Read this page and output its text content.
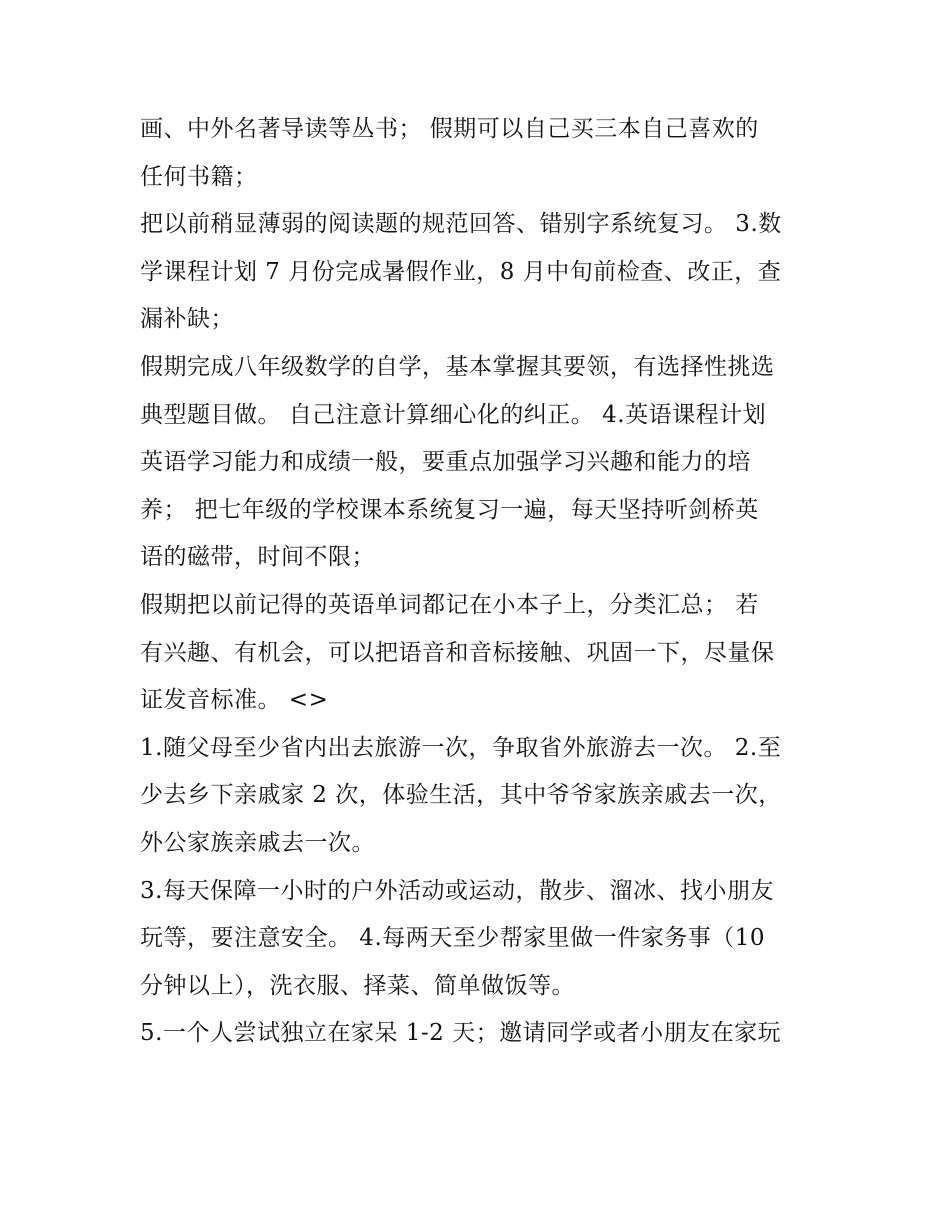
画、中外名著导读等丛书； 假期可以自己买三本自己喜欢的
任何书籍；
把以前稍显薄弱的阅读题的规范回答、错别字系统复习。 3.数
学课程计划 7 月份完成暑假作业，8 月中旬前检查、改正，查
漏补缺；
假期完成八年级数学的自学，基本掌握其要领，有选择性挑选
典型题目做。 自己注意计算细心化的纠正。 4.英语课程计划
英语学习能力和成绩一般，要重点加强学习兴趣和能力的培
养； 把七年级的学校课本系统复习一遍，每天坚持听剑桥英
语的磁带，时间不限；
假期把以前记得的英语单词都记在小本子上，分类汇总； 若
有兴趣、有机会，可以把语音和音标接触、巩固一下，尽量保
证发音标准。 <>
1.随父母至少省内出去旅游一次，争取省外旅游去一次。 2.至
少去乡下亲戚家 2 次，体验生活，其中爷爷家族亲戚去一次，
外公家族亲戚去一次。
3.每天保障一小时的户外活动或运动，散步、溜冰、找小朋友
玩等，要注意安全。 4.每两天至少帮家里做一件家务事（10
分钟以上），洗衣服、择菜、简单做饭等。
5.一个人尝试独立在家呆 1-2 天；邀请同学或者小朋友在家玩
